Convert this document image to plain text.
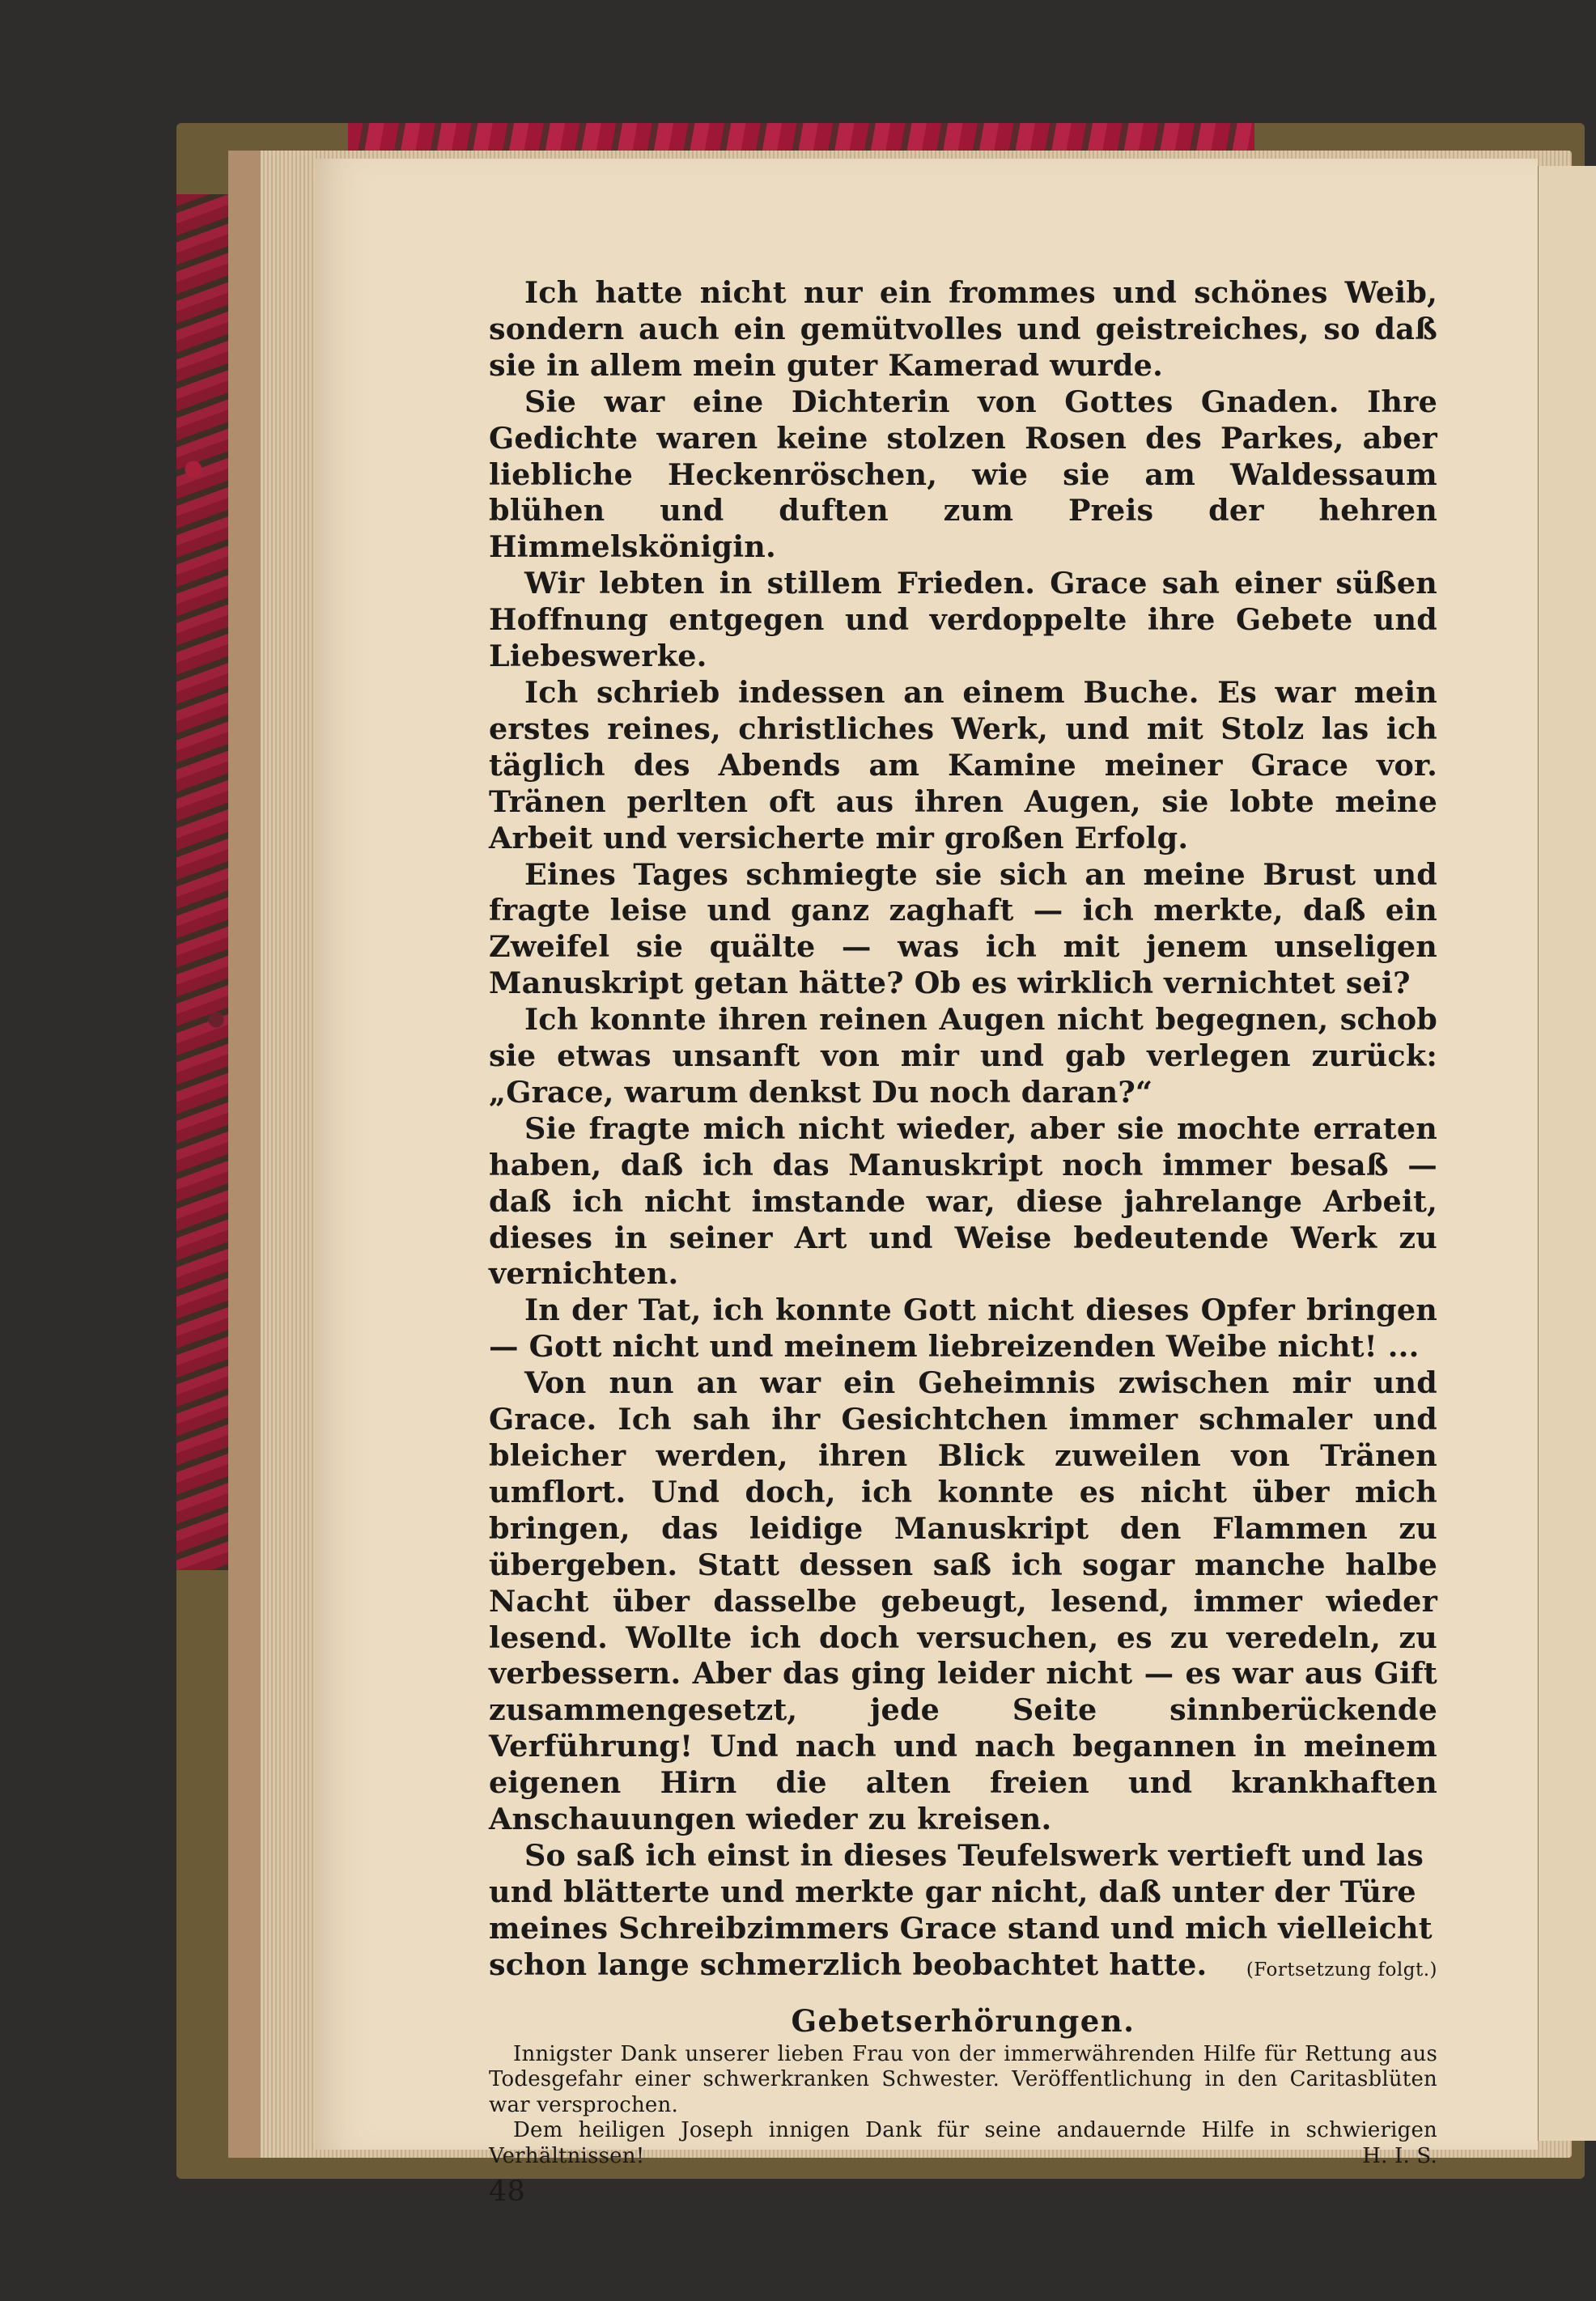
Ich hatte nicht nur ein frommes und schönes Weib, sondern auch ein gemütvolles und geistreiches, so daß sie in allem mein guter Kamerad wurde.

Sie war eine Dichterin von Gottes Gnaden. Ihre Gedichte waren keine stolzen Rosen des Parkes, aber liebliche Heckenröschen, wie sie am Waldessaum blühen und duften zum Preis der hehren Himmelskönigin.

Wir lebten in stillem Frieden. Grace sah einer süßen Hoffnung entgegen und verdoppelte ihre Gebete und Liebeswerke.

Ich schrieb indessen an einem Buche. Es war mein erstes reines, christliches Werk, und mit Stolz las ich täglich des Abends am Kamine meiner Grace vor. Tränen perlten oft aus ihren Augen, sie lobte meine Arbeit und versicherte mir großen Erfolg.

Eines Tages schmiegte sie sich an meine Brust und fragte leise und ganz zaghaft — ich merkte, daß ein Zweifel sie quälte — was ich mit jenem unseligen Manuskript getan hätte? Ob es wirklich vernichtet sei?

Ich konnte ihren reinen Augen nicht begegnen, schob sie etwas unsanft von mir und gab verlegen zurück: „Grace, warum denkst Du noch daran?“

Sie fragte mich nicht wieder, aber sie mochte erraten haben, daß ich das Manuskript noch immer besaß — daß ich nicht imstande war, diese jahrelange Arbeit, dieses in seiner Art und Weise bedeutende Werk zu vernichten.

In der Tat, ich konnte Gott nicht dieses Opfer bringen — Gott nicht und meinem liebreizenden Weibe nicht! ...

Von nun an war ein Geheimnis zwischen mir und Grace. Ich sah ihr Gesichtchen immer schmaler und bleicher werden, ihren Blick zuweilen von Tränen umflort. Und doch, ich konnte es nicht über mich bringen, das leidige Manuskript den Flammen zu übergeben. Statt dessen saß ich sogar manche halbe Nacht über dasselbe gebeugt, lesend, immer wieder lesend. Wollte ich doch versuchen, es zu veredeln, zu verbessern. Aber das ging leider nicht — es war aus Gift zusammengesetzt, jede Seite sinnberückende Verführung! Und nach und nach begannen in meinem eigenen Hirn die alten freien und krankhaften Anschauungen wieder zu kreisen.

So saß ich einst in dieses Teufelswerk vertieft und las und blätterte und merkte gar nicht, daß unter der Türe meines Schreibzimmers Grace stand und mich vielleicht schon lange schmerzlich beobachtet hatte.	(Fortsetzung folgt.)

Gebetserhörungen.

Innigster Dank unserer lieben Frau von der immerwährenden Hilfe für Rettung aus Todesgefahr einer schwerkranken Schwester. Veröffentlichung in den Caritasblüten war versprochen.

Dem heiligen Joseph innigen Dank für seine andauernde Hilfe in schwierigen Verhältnissen!	H. I. S.

48
